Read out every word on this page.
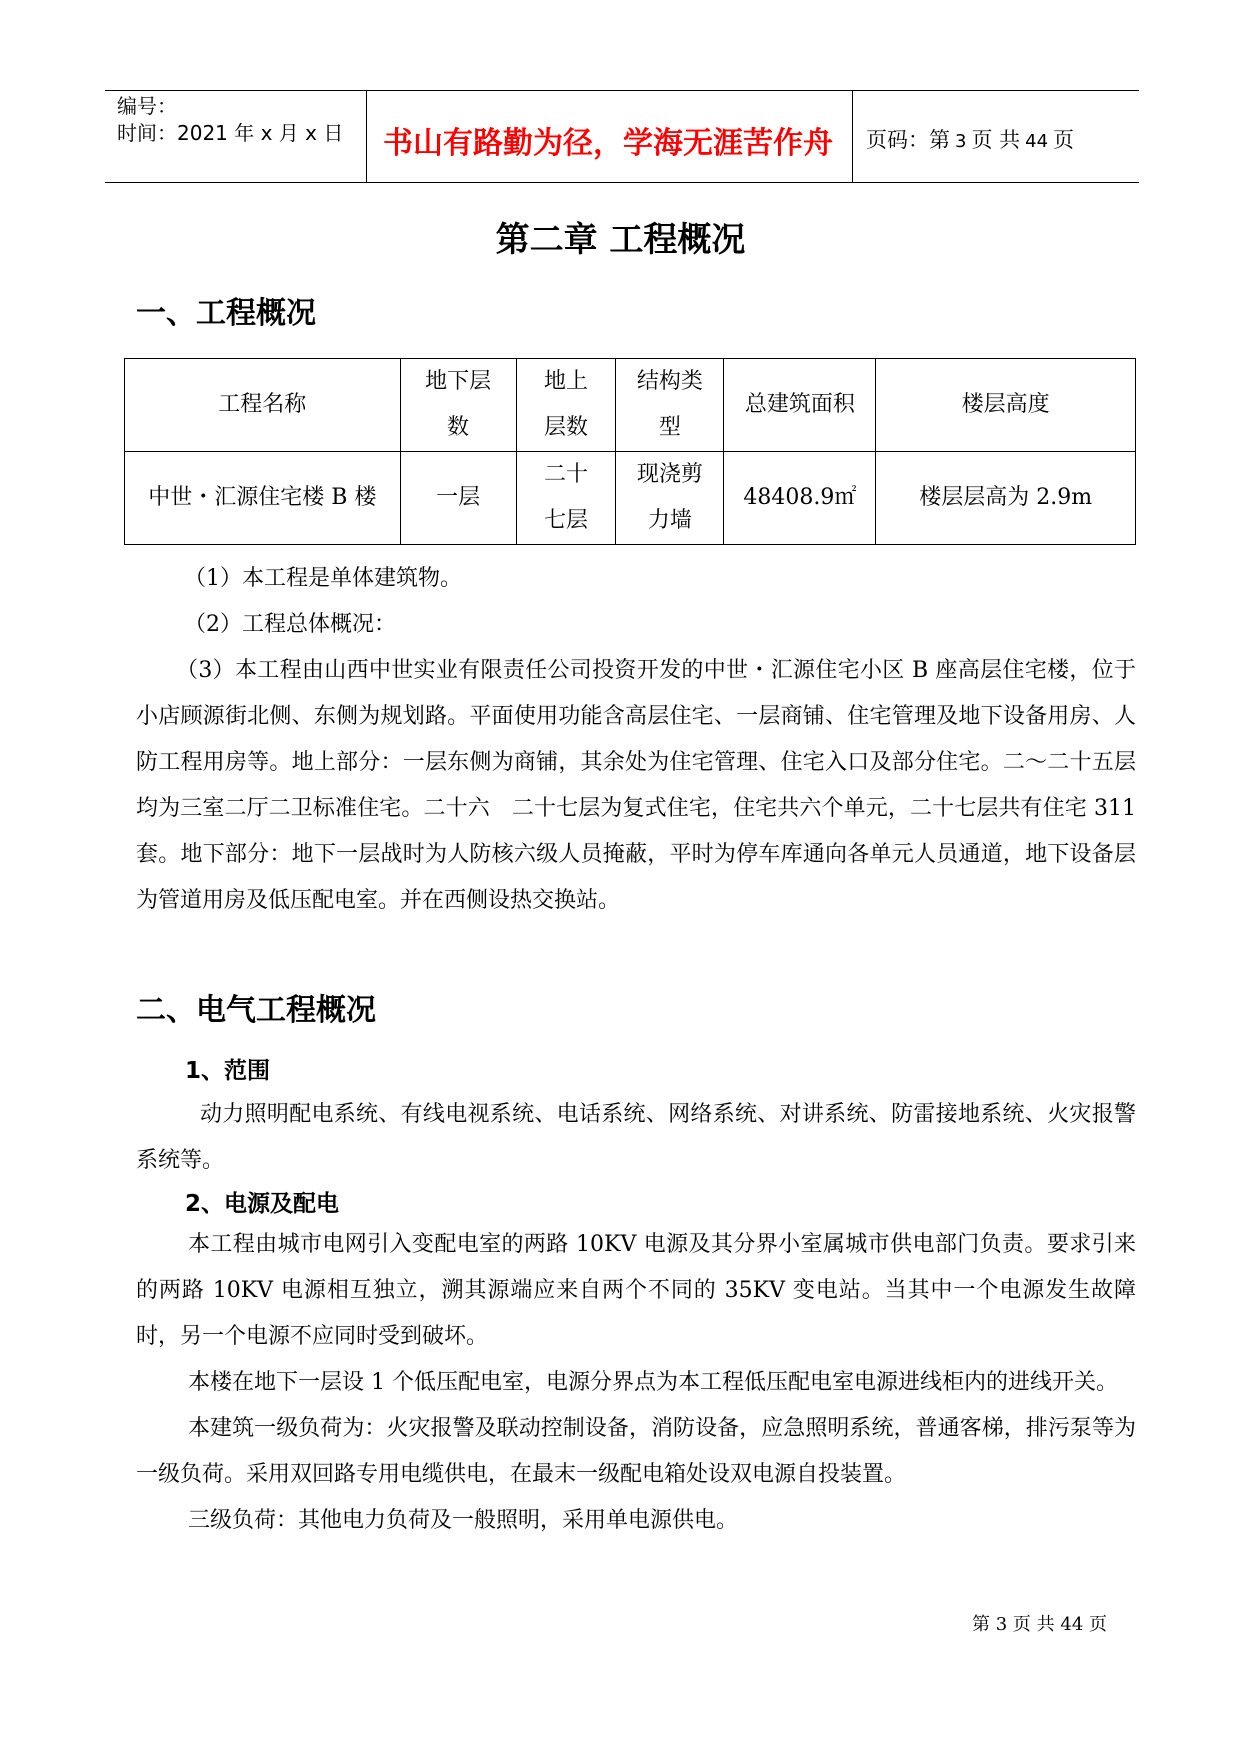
编号：
时间：2021 年 x 月 x 日	书山有路勤为径，学海无涯苦作舟	页码：第 3 页 共 44 页
第二章 工程概况
一、工程概况
工程名称	地下层数	地上层数	结构类型	总建筑面积	楼层高度
中世・汇源住宅楼 B 楼	一层	二十七层	现浇剪力墙	48408.9㎡	楼层层高为 2.9m

（1）本工程是单体建筑物。

（2）工程总体概况：

（3）本工程由山西中世实业有限责任公司投资开发的中世・汇源住宅小区 B 座高层住宅楼，位于小店顾源街北侧、东侧为规划路。平面使用功能含高层住宅、一层商铺、住宅管理及地下设备用房、人防工程用房等。地上部分：一层东侧为商铺，其余处为住宅管理、住宅入口及部分住宅。二～二十五层均为三室二厅二卫标准住宅。二十六　二十七层为复式住宅，住宅共六个单元，二十七层共有住宅 311 套。地下部分：地下一层战时为人防核六级人员掩蔽，平时为停车库通向各单元人员通道，地下设备层为管道用房及低压配电室。并在西侧设热交换站。

二、电气工程概况
1、范围

动力照明配电系统、有线电视系统、电话系统、网络系统、对讲系统、防雷接地系统、火灾报警系统等。

2、电源及配电

本工程由城市电网引入变配电室的两路 10KV 电源及其分界小室属城市供电部门负责。要求引来的两路 10KV 电源相互独立，溯其源端应来自两个不同的 35KV 变电站。当其中一个电源发生故障时，另一个电源不应同时受到破坏。

本楼在地下一层设 1 个低压配电室，电源分界点为本工程低压配电室电源进线柜内的进线开关。

本建筑一级负荷为：火灾报警及联动控制设备，消防设备，应急照明系统，普通客梯，排污泵等为一级负荷。采用双回路专用电缆供电，在最末一级配电箱处设双电源自投装置。

三级负荷：其他电力负荷及一般照明，采用单电源供电。

第 3 页 共 44 页
